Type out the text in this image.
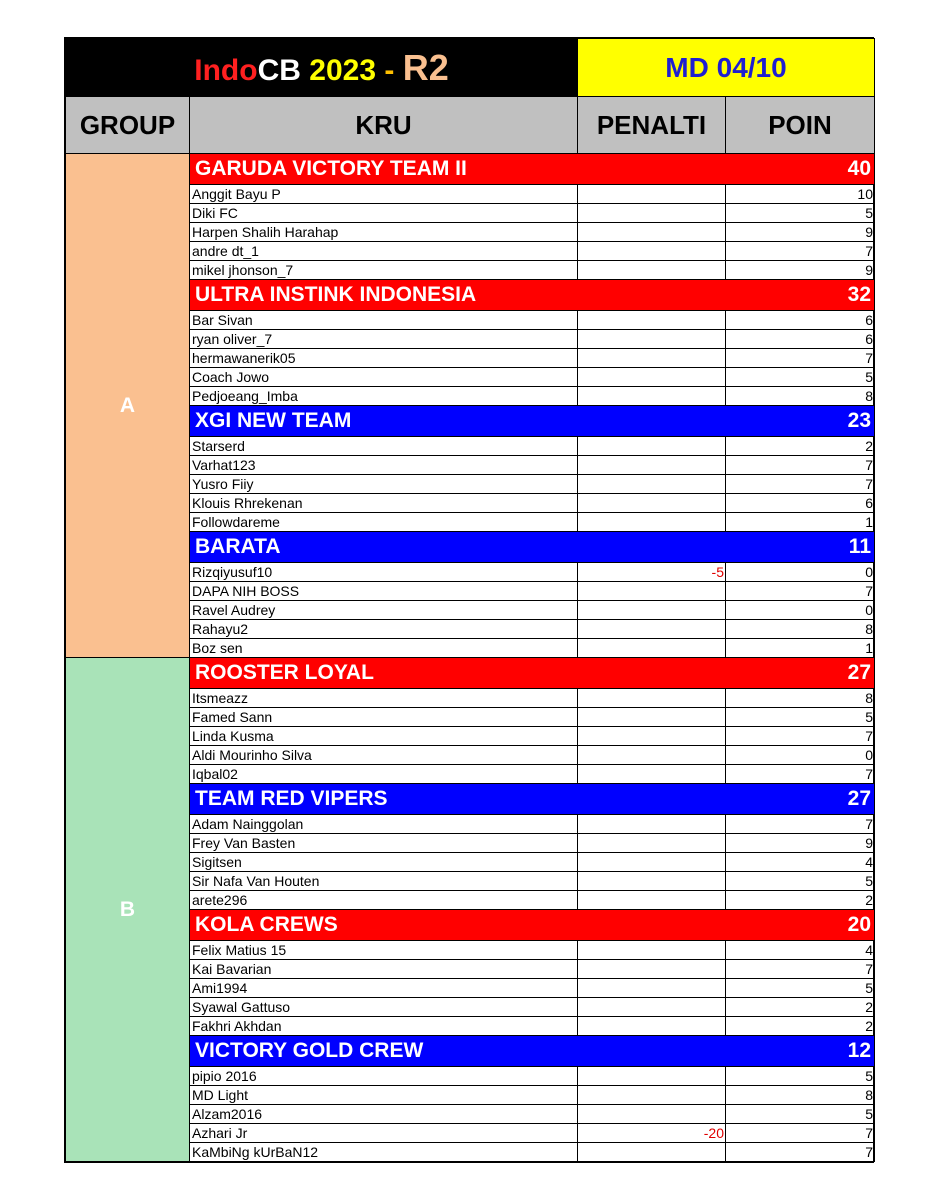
IndoCB 2023 - R2		MD 04/10	
GROUP	KRU	PENALTI	POIN
A	GARUDA VICTORY TEAM II		40
	Anggit Bayu P		10
	Diki FC		5
	Harpen Shalih Harahap		9
	andre dt_1		7
	mikel jhonson_7		9
	ULTRA INSTINK INDONESIA		32
	Bar Sivan		6
	ryan oliver_7		6
	hermawanerik05		7
	Coach Jowo		5
	Pedjoeang_Imba		8
	XGI NEW TEAM		23
	Starserd		2
	Varhat123		7
	Yusro Fiiy		7
	Klouis Rhrekenan		6
	Followdareme		1
	BARATA		11
	Rizqiyusuf10	-5	0
	DAPA NIH BOSS		7
	Ravel Audrey		0
	Rahayu2		8
	Boz sen		1
B	ROOSTER LOYAL		27
	Itsmeazz		8
	Famed Sann		5
	Linda Kusma		7
	Aldi Mourinho Silva		0
	Iqbal02		7
	TEAM RED VIPERS		27
	Adam Nainggolan		7
	Frey Van Basten		9
	Sigitsen		4
	Sir Nafa Van Houten		5
	arete296		2
	KOLA CREWS		20
	Felix Matius 15		4
	Kai Bavarian		7
	Ami1994		5
	Syawal Gattuso		2
	Fakhri Akhdan		2
	VICTORY GOLD CREW		12
	pipio 2016		5
	MD Light		8
	Alzam2016		5
	Azhari Jr	-20	7
	KaMbiNg kUrBaN12		7
